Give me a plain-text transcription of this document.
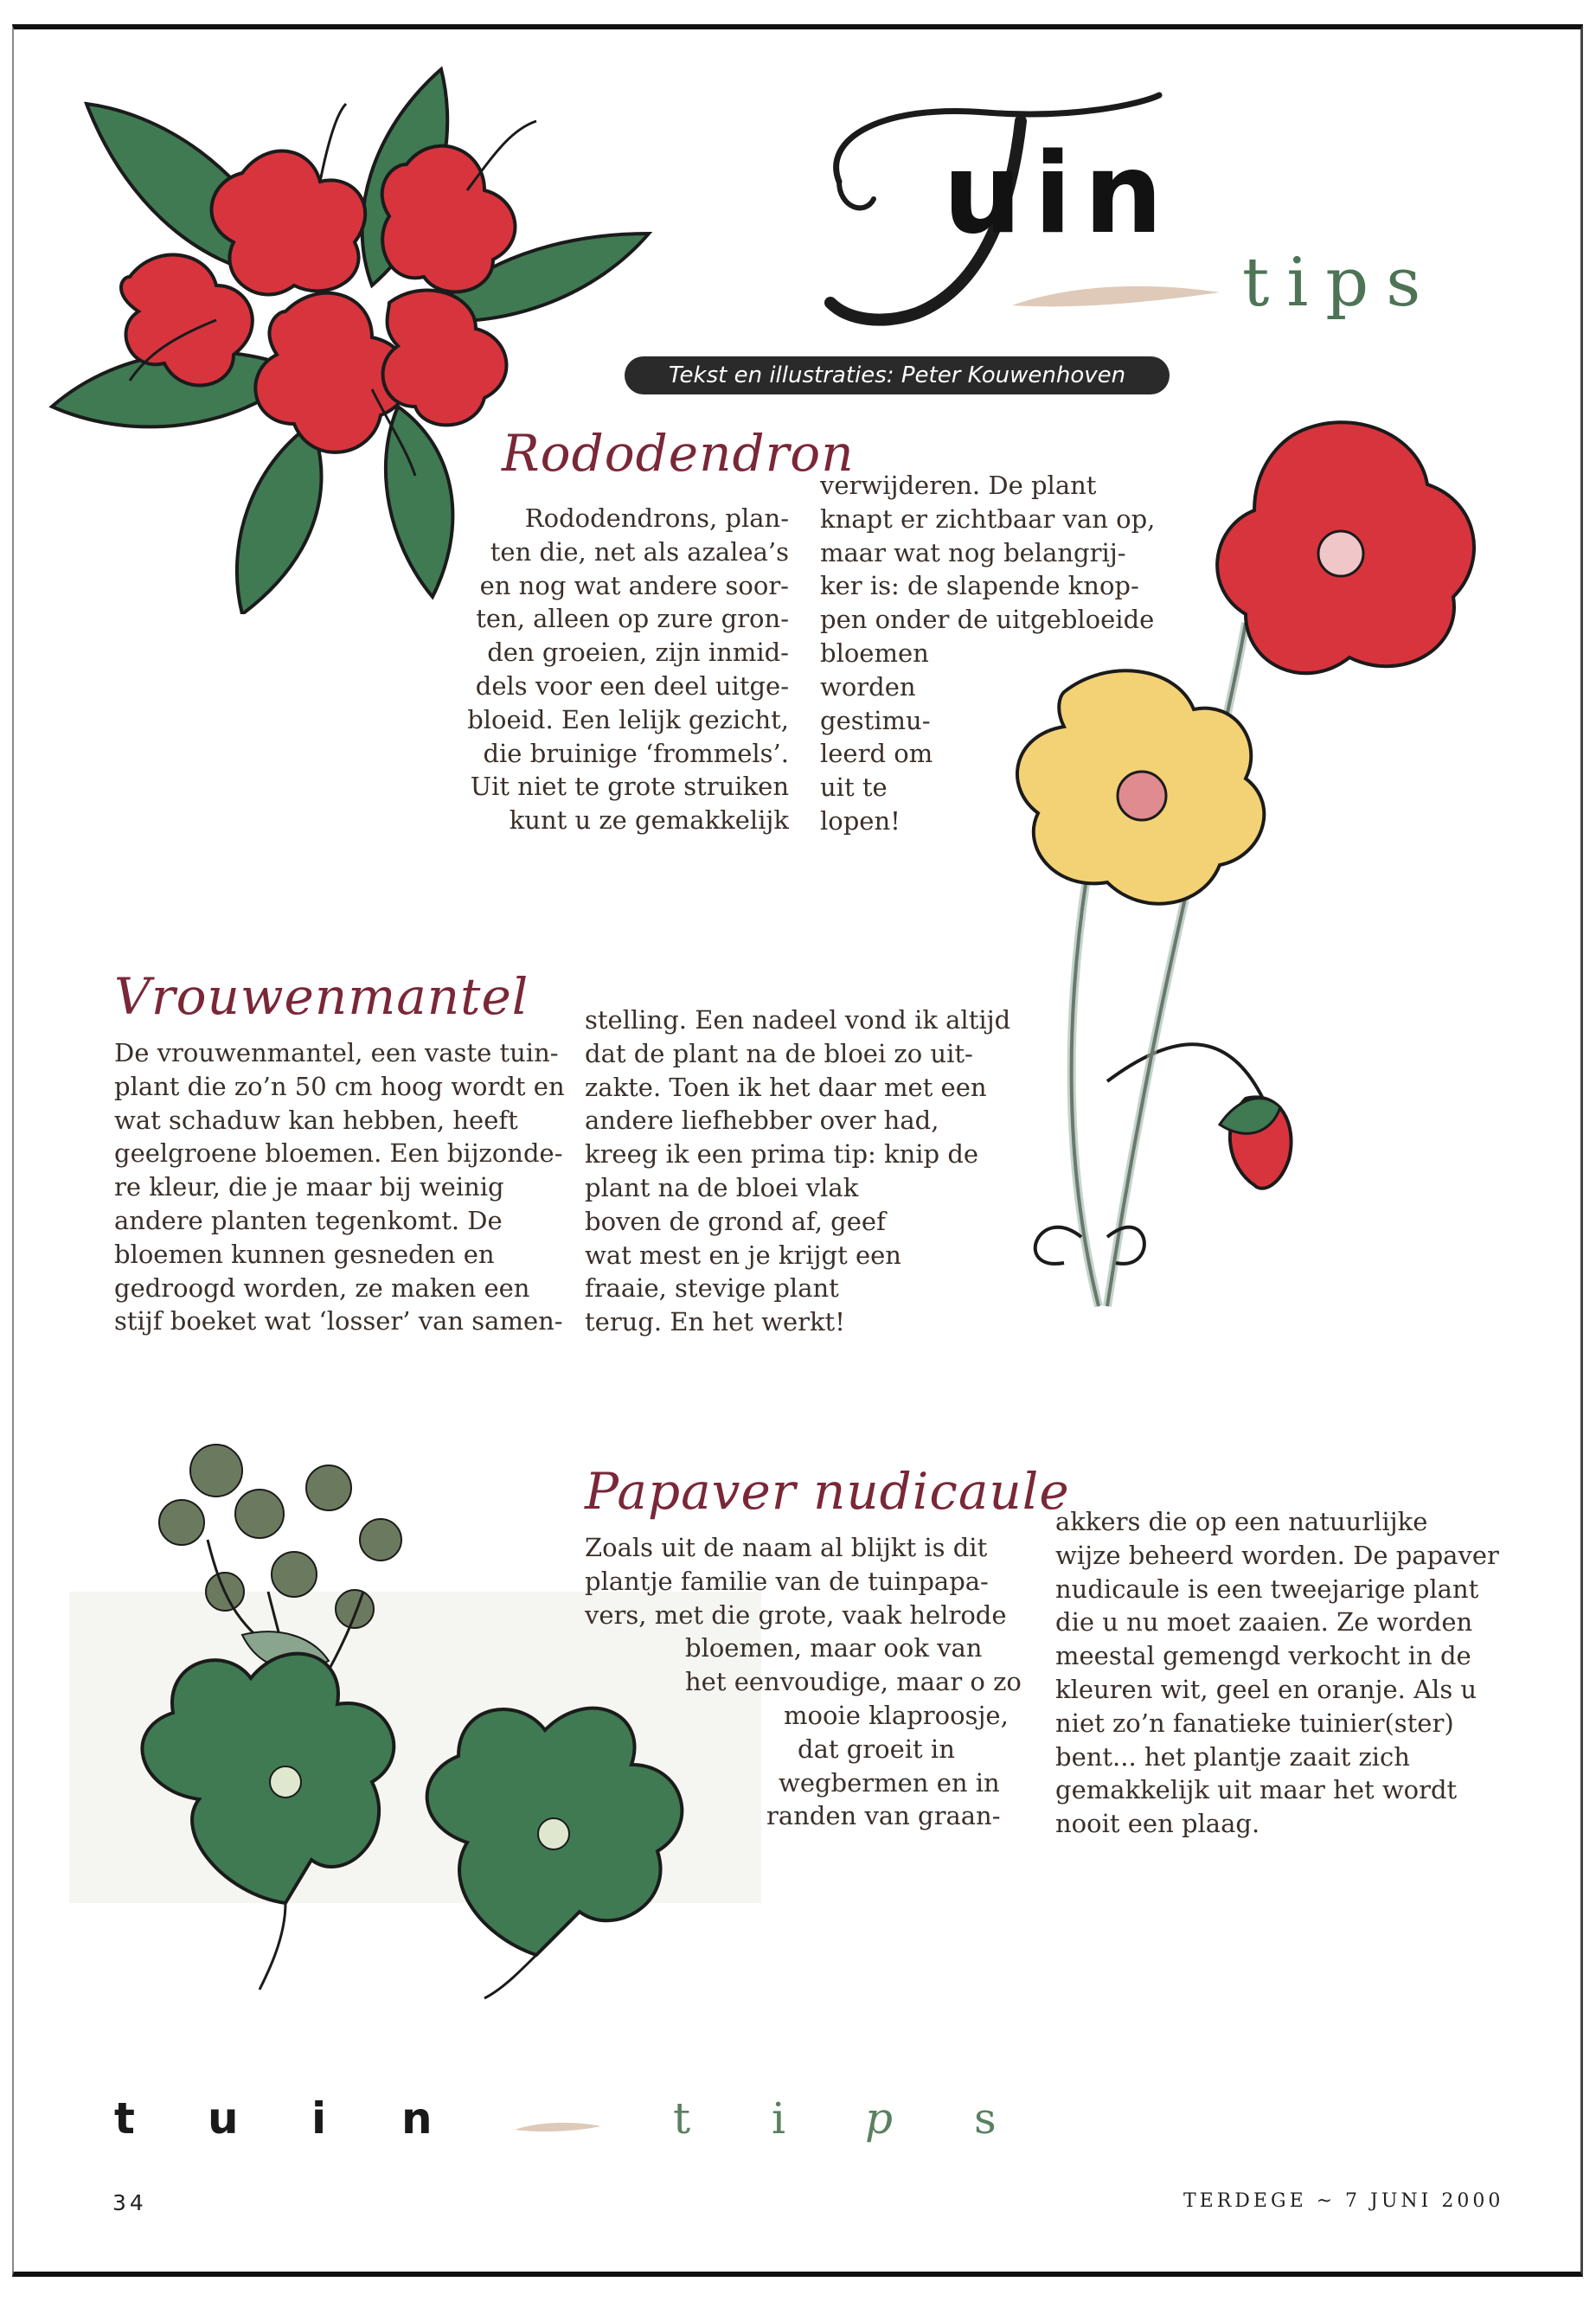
uin
tips
Tekst en illustraties: Peter Kouwenhoven
Rododendron
Rododendrons, plan-
ten die, net als azalea’s
en nog wat andere soor-
ten, alleen op zure gron-
den groeien, zijn inmid-
dels voor een deel uitge-
bloeid. Een lelijk gezicht,
die bruinige ‘frommels’.
Uit niet te grote struiken
kunt u ze gemakkelijk
verwijderen. De plant
knapt er zichtbaar van op,
maar wat nog belangrij-
ker is: de slapende knop-
pen onder de uitgebloeide
bloemen
worden
gestimu-
leerd om
uit te
lopen!
Vrouwenmantel
De vrouwenmantel, een vaste tuin-
plant die zo’n 50 cm hoog wordt en
wat schaduw kan hebben, heeft
geelgroene bloemen. Een bijzonde-
re kleur, die je maar bij weinig
andere planten tegenkomt. De
bloemen kunnen gesneden en
gedroogd worden, ze maken een
stijf boeket wat ‘losser’ van samen-
stelling. Een nadeel vond ik altijd
dat de plant na de bloei zo uit-
zakte. Toen ik het daar met een
andere liefhebber over had,
kreeg ik een prima tip: knip de
plant na de bloei vlak
boven de grond af, geef
wat mest en je krijgt een
fraaie, stevige plant
terug. En het werkt!
Papaver nudicaule
Zoals uit de naam al blijkt is dit
plantje familie van de tuinpapa-
vers, met die grote, vaak helrode
bloemen, maar ook van
het eenvoudige, maar o zo
mooie klaproosje,
dat groeit in
wegbermen en in
randen van graan-
akkers die op een natuurlijke
wijze beheerd worden. De papaver
nudicaule is een tweejarige plant
die u nu moet zaaien. Ze worden
meestal gemengd verkocht in de
kleuren wit, geel en oranje. Als u
niet zo’n fanatieke tuinier(ster)
bent... het plantje zaait zich
gemakkelijk uit maar het wordt
nooit een plaag.
t u i n	t i p s
34	TERDEGE ~ 7 JUNI 2000
